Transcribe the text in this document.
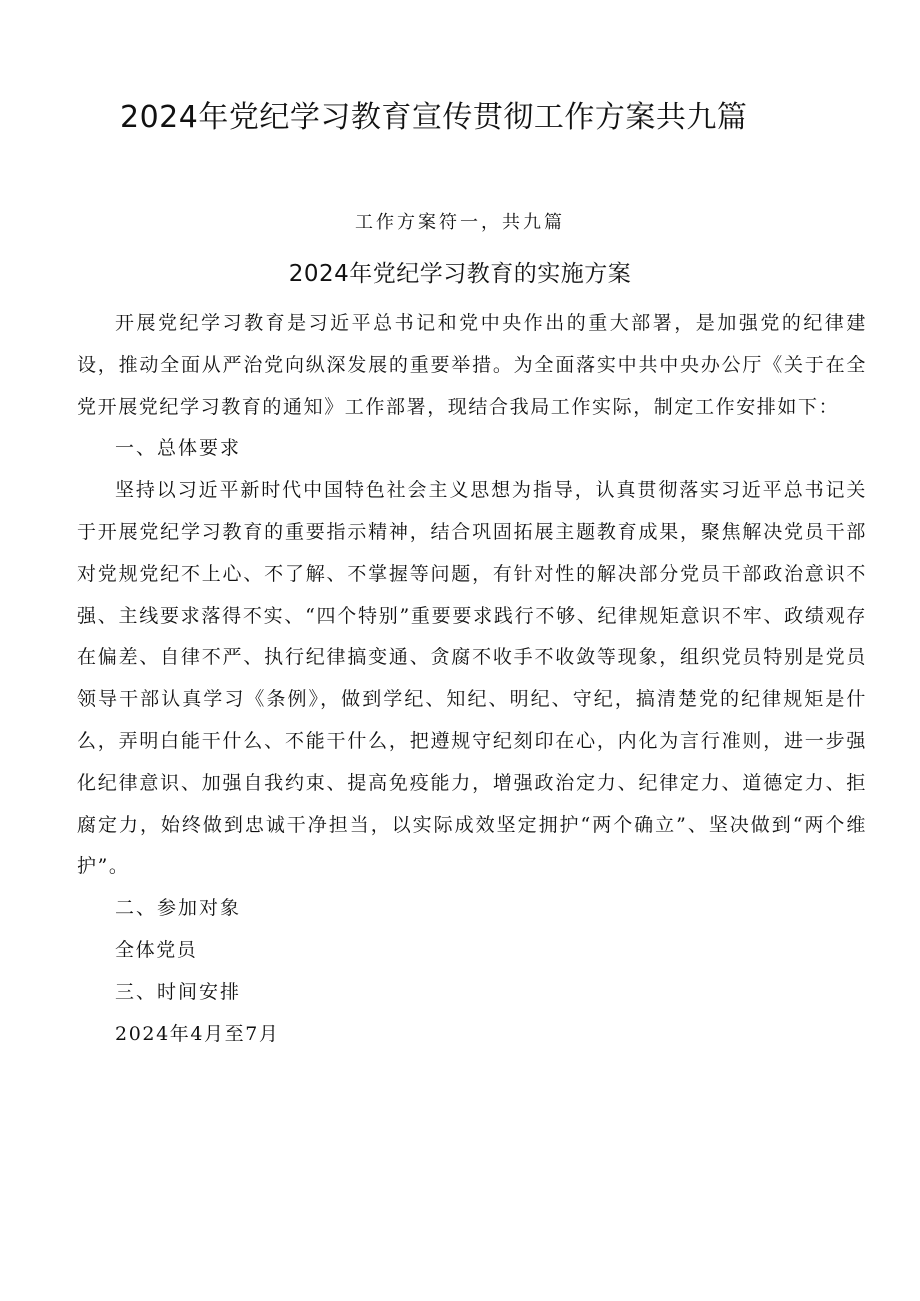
2024年党纪学习教育宣传贯彻工作方案共九篇
工作方案符一，共九篇
2024年党纪学习教育的实施方案

开展党纪学习教育是习近平总书记和党中央作出的重大部署，是加强党的纪律建设，推动全面从严治党向纵深发展的重要举措。为全面落实中共中央办公厅《关于在全党开展党纪学习教育的通知》工作部署，现结合我局工作实际，制定工作安排如下：

一、总体要求

坚持以习近平新时代中国特色社会主义思想为指导，认真贯彻落实习近平总书记关于开展党纪学习教育的重要指示精神，结合巩固拓展主题教育成果，聚焦解决党员干部对党规党纪不上心、不了解、不掌握等问题，有针对性的解决部分党员干部政治意识不强、主线要求落得不实、“四个特别”重要要求践行不够、纪律规矩意识不牢、政绩观存在偏差、自律不严、执行纪律搞变通、贪腐不收手不收敛等现象，组织党员特别是党员领导干部认真学习《条例》，做到学纪、知纪、明纪、守纪，搞清楚党的纪律规矩是什么，弄明白能干什么、不能干什么，把遵规守纪刻印在心，内化为言行准则，进一步强化纪律意识、加强自我约束、提高免疫能力，增强政治定力、纪律定力、道德定力、拒腐定力，始终做到忠诚干净担当，以实际成效坚定拥护“两个确立”、坚决做到“两个维护”。

二、参加对象

全体党员

三、时间安排

2024年4月至7月
